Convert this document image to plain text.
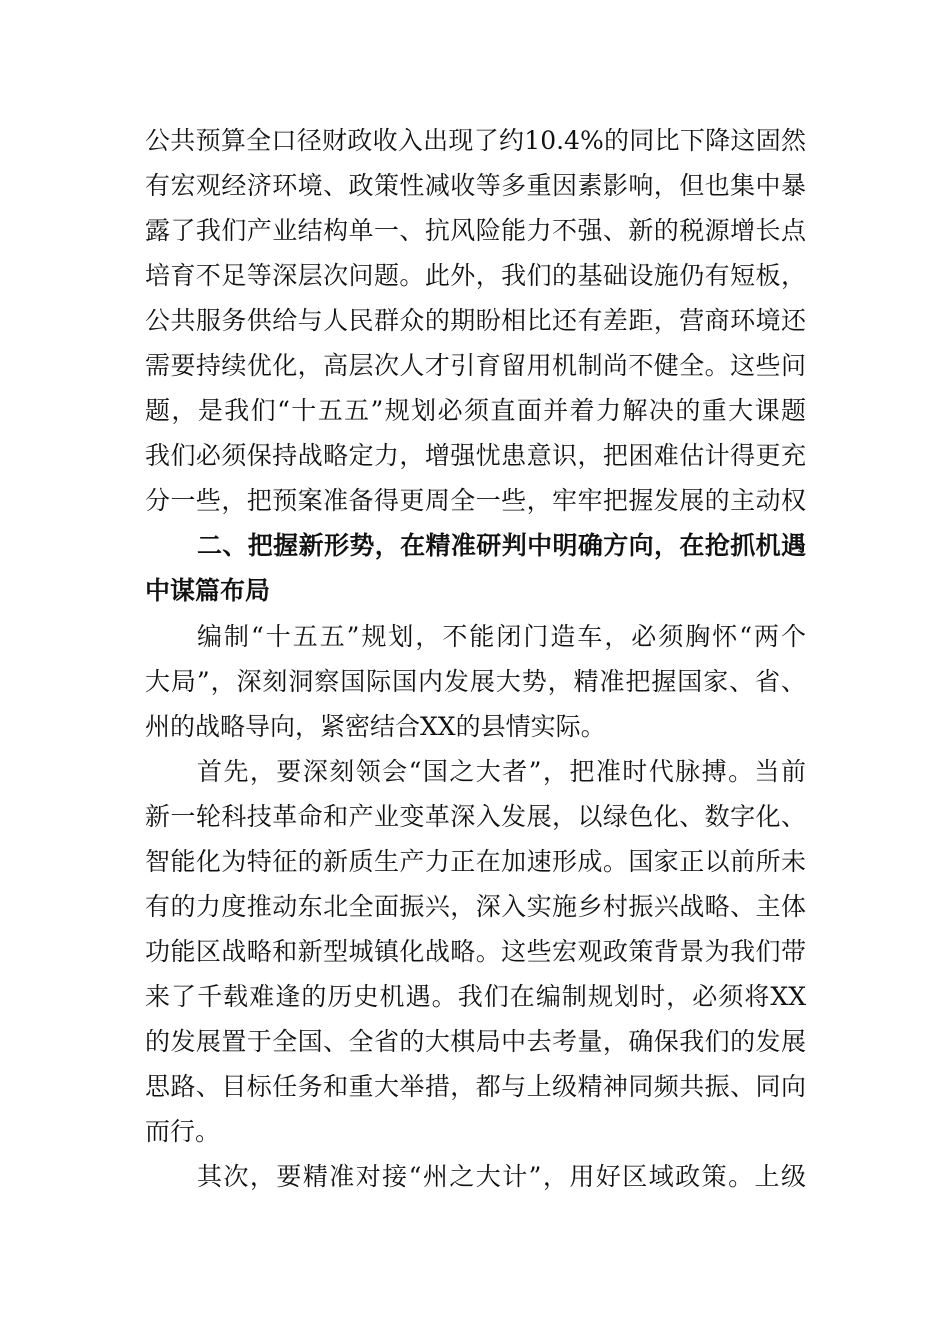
公共预算全口径财政收入出现了约10.4%的同比下降这固然
有宏观经济环境、政策性减收等多重因素影响，但也集中暴
露了我们产业结构单一、抗风险能力不强、新的税源增长点
培育不足等深层次问题。此外，我们的基础设施仍有短板，
公共服务供给与人民群众的期盼相比还有差距，营商环境还
需要持续优化，高层次人才引育留用机制尚不健全。这些问
题，是我们“十五五”规划必须直面并着力解决的重大课题
我们必须保持战略定力，增强忧患意识，把困难估计得更充
分一些，把预案准备得更周全一些，牢牢把握发展的主动权
二、把握新形势，在精准研判中明确方向，在抢抓机遇
中谋篇布局
编制“十五五”规划，不能闭门造车，必须胸怀“两个
大局”，深刻洞察国际国内发展大势，精准把握国家、省、
州的战略导向，紧密结合XX的县情实际。
首先，要深刻领会“国之大者”，把准时代脉搏。当前
新一轮科技革命和产业变革深入发展，以绿色化、数字化、
智能化为特征的新质生产力正在加速形成。国家正以前所未
有的力度推动东北全面振兴，深入实施乡村振兴战略、主体
功能区战略和新型城镇化战略。这些宏观政策背景为我们带
来了千载难逢的历史机遇。我们在编制规划时，必须将XX
的发展置于全国、全省的大棋局中去考量，确保我们的发展
思路、目标任务和重大举措，都与上级精神同频共振、同向
而行。
其次，要精准对接“州之大计”，用好区域政策。上级
